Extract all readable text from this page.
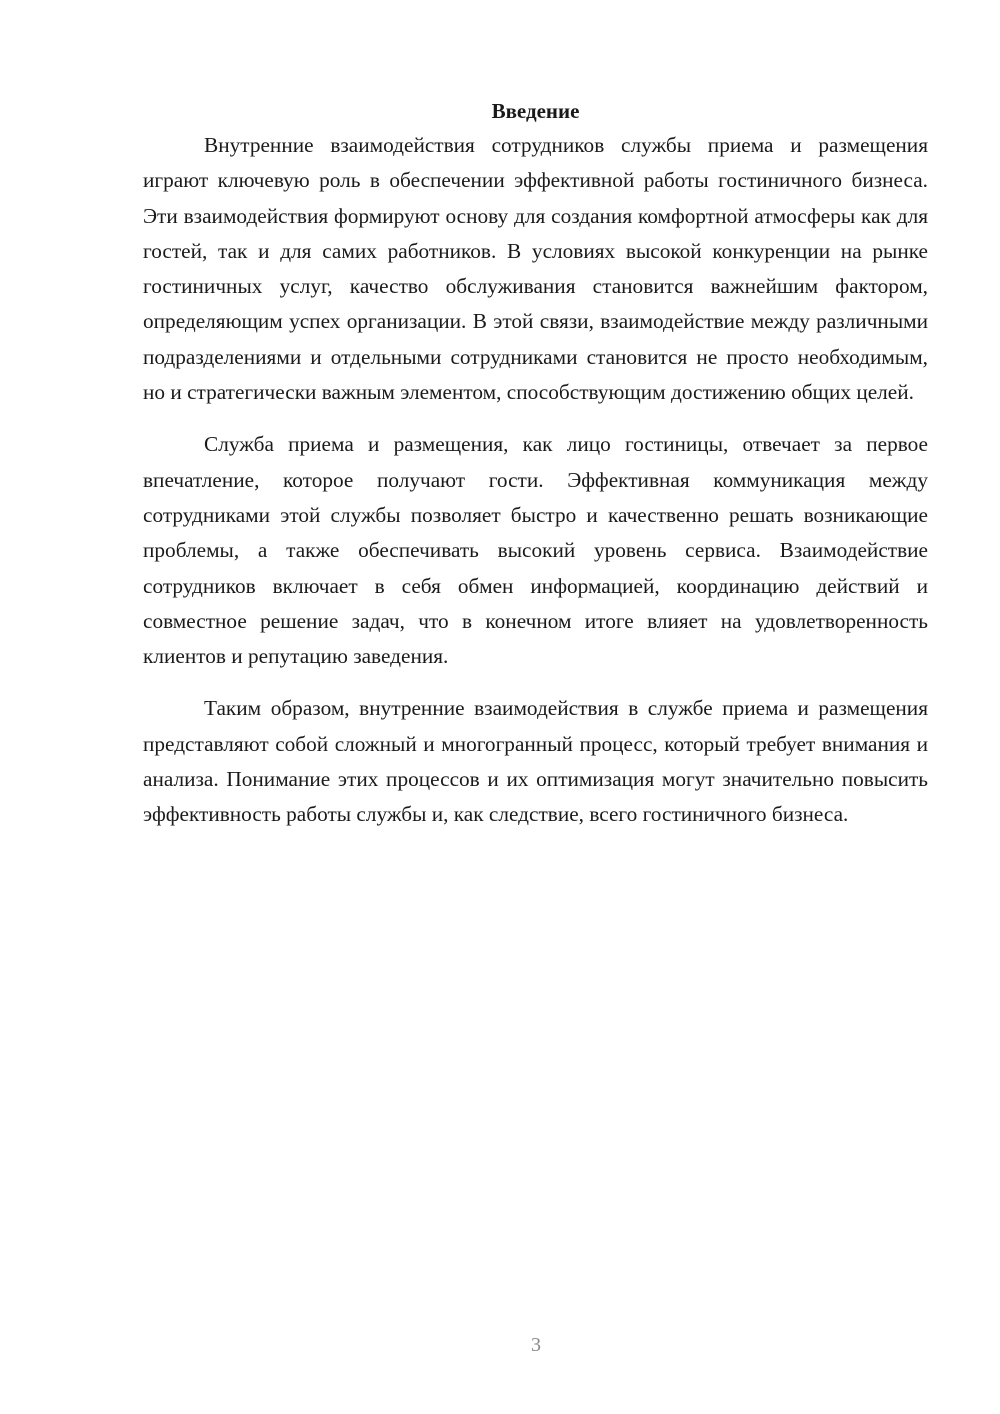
Введение

Внутренние взаимодействия сотрудников службы приема и размещения играют ключевую роль в обеспечении эффективной работы гостиничного бизнеса. Эти взаимодействия формируют основу для создания комфортной атмосферы как для гостей, так и для самих работников. В условиях высокой конкуренции на рынке гостиничных услуг, качество обслуживания становится важнейшим фактором, определяющим успех организации. В этой связи, взаимодействие между различными подразделениями и отдельными сотрудниками становится не просто необходимым, но и стратегически важным элементом, способствующим достижению общих целей.

Служба приема и размещения, как лицо гостиницы, отвечает за первое впечатление, которое получают гости. Эффективная коммуникация между сотрудниками этой службы позволяет быстро и качественно решать возникающие проблемы, а также обеспечивать высокий уровень сервиса. Взаимодействие сотрудников включает в себя обмен информацией, координацию действий и совместное решение задач, что в конечном итоге влияет на удовлетворенность клиентов и репутацию заведения.

Таким образом, внутренние взаимодействия в службе приема и размещения представляют собой сложный и многогранный процесс, который требует внимания и анализа. Понимание этих процессов и их оптимизация могут значительно повысить эффективность работы службы и, как следствие, всего гостиничного бизнеса.

3
